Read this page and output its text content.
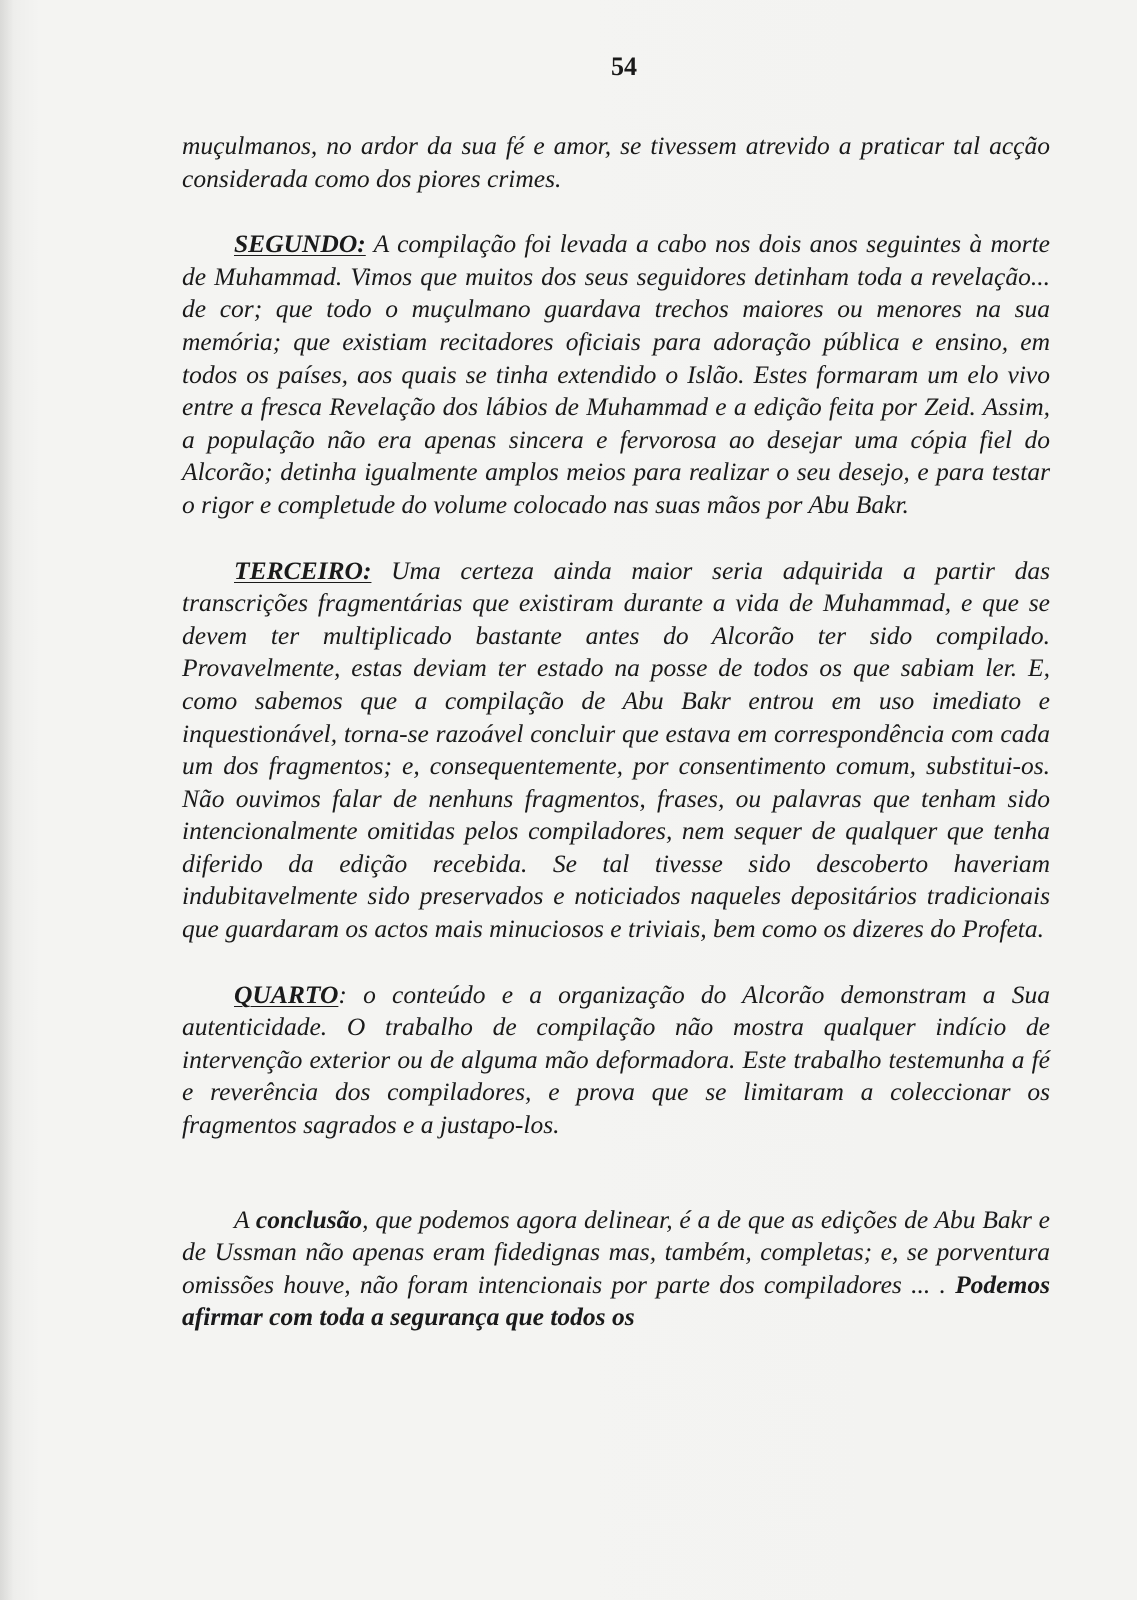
54

muçulmanos, no ardor da sua fé e amor, se tivessem atrevido a praticar tal acção considerada como dos piores crimes.

SEGUNDO: A compilação foi levada a cabo nos dois anos seguintes à morte de Muhammad. Vimos que muitos dos seus seguidores detinham toda a revelação... de cor; que todo o muçulmano guardava trechos maiores ou menores na sua memória; que existiam recitadores oficiais para adoração pública e ensino, em todos os países, aos quais se tinha extendido o Islão. Estes formaram um elo vivo entre a fresca Revelação dos lábios de Muhammad e a edição feita por Zeid. Assim, a população não era apenas sincera e fervorosa ao desejar uma cópia fiel do Alcorão; detinha igualmente amplos meios para realizar o seu desejo, e para testar o rigor e completude do volume colocado nas suas mãos por Abu Bakr.

TERCEIRO: Uma certeza ainda maior seria adquirida a partir das transcrições fragmentárias que existiram durante a vida de Muhammad, e que se devem ter multiplicado bastante antes do Alcorão ter sido compilado. Provavelmente, estas deviam ter estado na posse de todos os que sabiam ler. E, como sabemos que a compilação de Abu Bakr entrou em uso imediato e inquestionável, torna-se razoável concluir que estava em correspondência com cada um dos fragmentos; e, consequentemente, por consentimento comum, substitui-os. Não ouvimos falar de nenhuns fragmentos, frases, ou palavras que tenham sido intencionalmente omitidas pelos compiladores, nem sequer de qualquer que tenha diferido da edição recebida. Se tal tivesse sido descoberto haveriam indubitavelmente sido preservados e noticiados naqueles depositários tradicionais que guardaram os actos mais minuciosos e triviais, bem como os dizeres do Profeta.

QUARTO: o conteúdo e a organização do Alcorão demonstram a Sua autenticidade. O trabalho de compilação não mostra qualquer indício de intervenção exterior ou de alguma mão deformadora. Este trabalho testemunha a fé e reverência dos compiladores, e prova que se limitaram a coleccionar os fragmentos sagrados e a justapo-los.

A conclusão, que podemos agora delinear, é a de que as edições de Abu Bakr e de Ussman não apenas eram fidedignas mas, também, completas; e, se porventura omissões houve, não foram intencionais por parte dos compiladores ... . Podemos afirmar com toda a segurança que todos os
